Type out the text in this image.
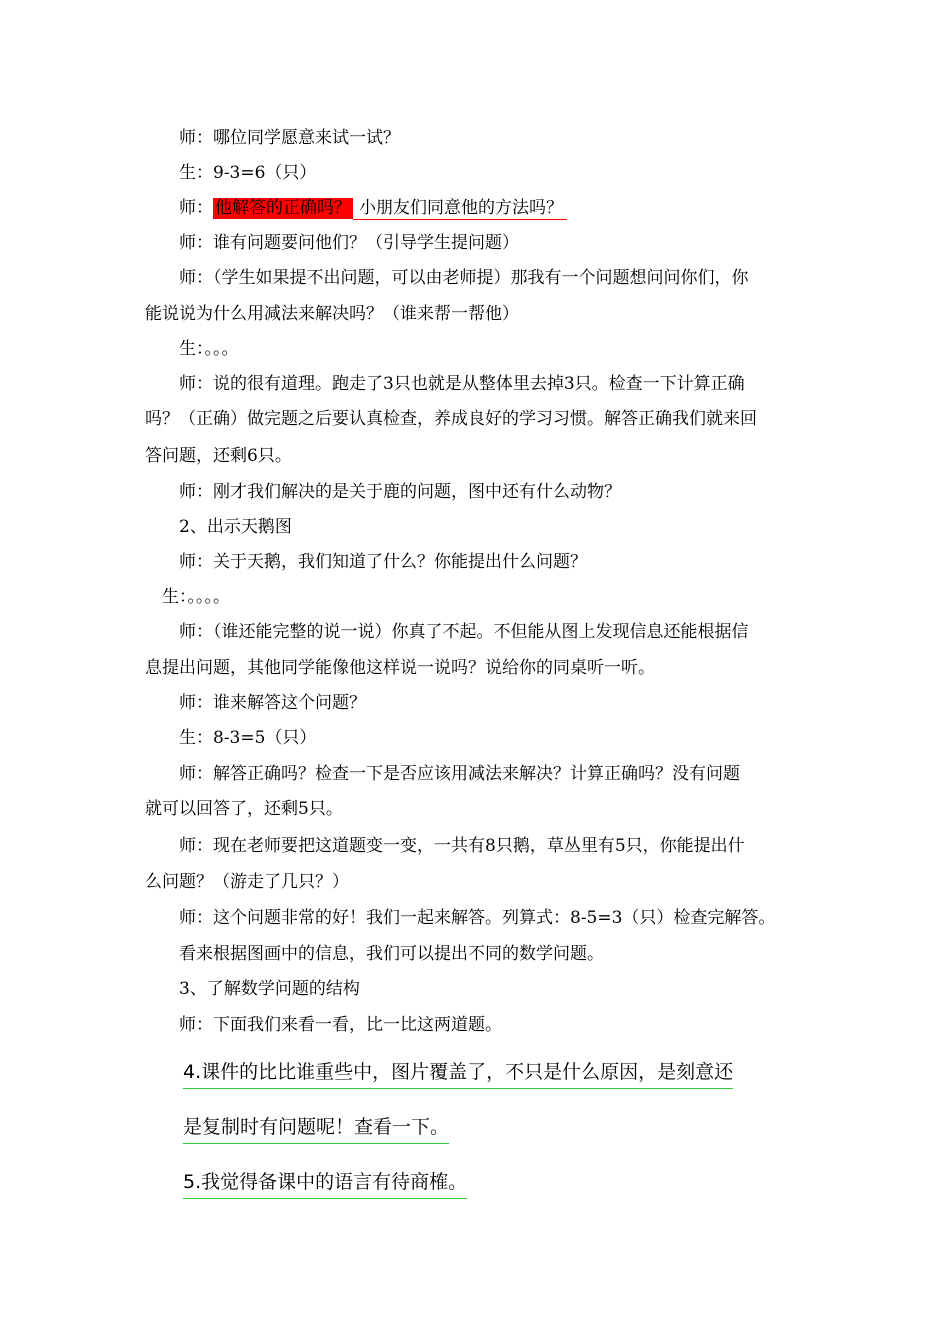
师：哪位同学愿意来试一试？
生：9-3=6（只）
师： 他解答的正确吗？ 小朋友们同意他的方法吗？
师：谁有问题要问他们？（引导学生提问题）
师：（学生如果提不出问题，可以由老师提）那我有一个问题想问问你们，你
能说说为什么用减法来解决吗？（谁来帮一帮他）
生：。。。
师：说的很有道理。跑走了3只也就是从整体里去掉3只。检查一下计算正确
吗？（正确）做完题之后要认真检查，养成良好的学习习惯。解答正确我们就来回
答问题，还剩6只。
师：刚才我们解决的是关于鹿的问题，图中还有什么动物？
2、出示天鹅图
师：关于天鹅，我们知道了什么？你能提出什么问题？
生：。。。。
师：（谁还能完整的说一说）你真了不起。不但能从图上发现信息还能根据信
息提出问题，其他同学能像他这样说一说吗？说给你的同桌听一听。
师：谁来解答这个问题？
生：8-3=5（只）
师：解答正确吗？检查一下是否应该用减法来解决？计算正确吗？没有问题
就可以回答了，还剩5只。
师：现在老师要把这道题变一变，一共有8只鹅，草丛里有5只，你能提出什
么问题？（游走了几只？）
师：这个问题非常的好！我们一起来解答。列算式：8-5=3（只）检查完解答。
看来根据图画中的信息，我们可以提出不同的数学问题。
3、了解数学问题的结构
师：下面我们来看一看，比一比这两道题。
4.课件的比比谁重些中，图片覆盖了，不只是什么原因，是刻意还
是复制时有问题呢！查看一下。
5.我觉得备课中的语言有待商榷。
